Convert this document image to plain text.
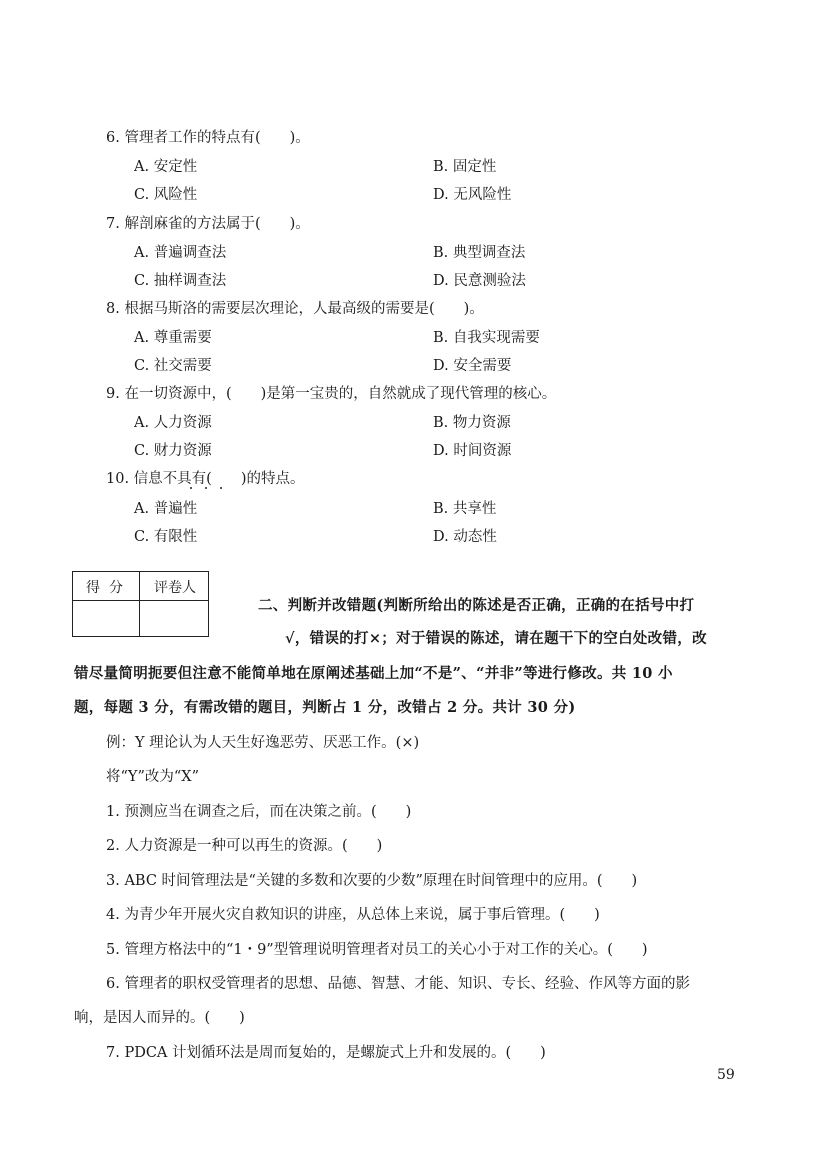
6. 管理者工作的特点有(　　)。
A. 安定性	B. 固定性
C. 风险性	D. 无风险性
7. 解剖麻雀的方法属于(　　)。
A. 普遍调查法	B. 典型调查法
C. 抽样调查法	D. 民意测验法
8. 根据马斯洛的需要层次理论，人最高级的需要是(　　)。
A. 尊重需要	B. 自我实现需要
C. 社交需要	D. 安全需要
9. 在一切资源中，(　　)是第一宝贵的，自然就成了现代管理的核心。
A. 人力资源	B. 物力资源
C. 财力资源	D. 时间资源
10. 信息不具有(　　)的特点。
A. 普遍性	B. 共享性
C. 有限性	D. 动态性
得分	评卷人
二、判断并改错题(判断所给出的陈述是否正确，正确的在括号中打
√，错误的打×；对于错误的陈述，请在题干下的空白处改错，改
错尽量简明扼要但注意不能简单地在原阐述基础上加“不是”、“并非”等进行修改。共 10 小
题，每题 3 分，有需改错的题目，判断占 1 分，改错占 2 分。共计 30 分)
例：Y 理论认为人天生好逸恶劳、厌恶工作。(×)
将“Y”改为“X”
1. 预测应当在调查之后，而在决策之前。(　　)
2. 人力资源是一种可以再生的资源。(　　)
3. ABC 时间管理法是“关键的多数和次要的少数”原理在时间管理中的应用。(　　)
4. 为青少年开展火灾自救知识的讲座，从总体上来说，属于事后管理。(　　)
5. 管理方格法中的“1・9”型管理说明管理者对员工的关心小于对工作的关心。(　　)
6. 管理者的职权受管理者的思想、品德、智慧、才能、知识、专长、经验、作风等方面的影
响，是因人而异的。(　　)
7. PDCA 计划循环法是周而复始的，是螺旋式上升和发展的。(　　)
59
